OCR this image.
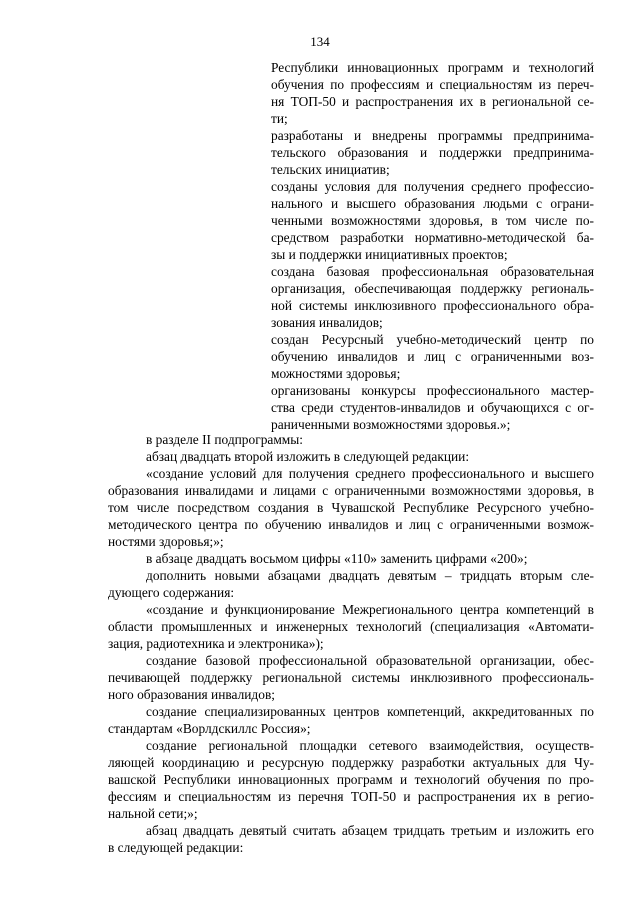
134
Республики инновационных программ и технологий
обучения по профессиям и специальностям из переч-
ня ТОП-50 и распространения их в региональной се-
ти;
разработаны и внедрены программы предпринима-
тельского образования и поддержки предпринима-
тельских инициатив;
созданы условия для получения среднего профессио-
нального и высшего образования людьми с ограни-
ченными возможностями здоровья, в том числе по-
средством разработки нормативно-методической ба-
зы и поддержки инициативных проектов;
создана базовая профессиональная образовательная
организация, обеспечивающая поддержку региональ-
ной системы инклюзивного профессионального обра-
зования инвалидов;
создан Ресурсный учебно-методический центр по
обучению инвалидов и лиц с ограниченными воз-
можностями здоровья;
организованы конкурсы профессионального мастер-
ства среди студентов-инвалидов и обучающихся с ог-
раниченными возможностями здоровья.»;
в разделе II подпрограммы:
абзац двадцать второй изложить в следующей редакции:
«создание условий для получения среднего профессионального и высшего
образования инвалидами и лицами с ограниченными возможностями здоровья, в
том числе посредством создания в Чувашской Республике Ресурсного учебно-
методического центра по обучению инвалидов и лиц с ограниченными возмож-
ностями здоровья;»;
в абзаце двадцать восьмом цифры «110» заменить цифрами «200»;
дополнить новыми абзацами двадцать девятым – тридцать вторым сле-
дующего содержания:
«создание и функционирование Межрегионального центра компетенций в
области промышленных и инженерных технологий (специализация «Автомати-
зация, радиотехника и электроника»);
создание базовой профессиональной образовательной организации, обес-
печивающей поддержку региональной системы инклюзивного профессиональ-
ного образования инвалидов;
создание специализированных центров компетенций, аккредитованных по
стандартам «Ворлдскиллс Россия»;
создание региональной площадки сетевого взаимодействия, осуществ-
ляющей координацию и ресурсную поддержку разработки актуальных для Чу-
вашской Республики инновационных программ и технологий обучения по про-
фессиям и специальностям из перечня ТОП-50 и распространения их в регио-
нальной сети;»;
абзац двадцать девятый считать абзацем тридцать третьим и изложить его
в следующей редакции:
